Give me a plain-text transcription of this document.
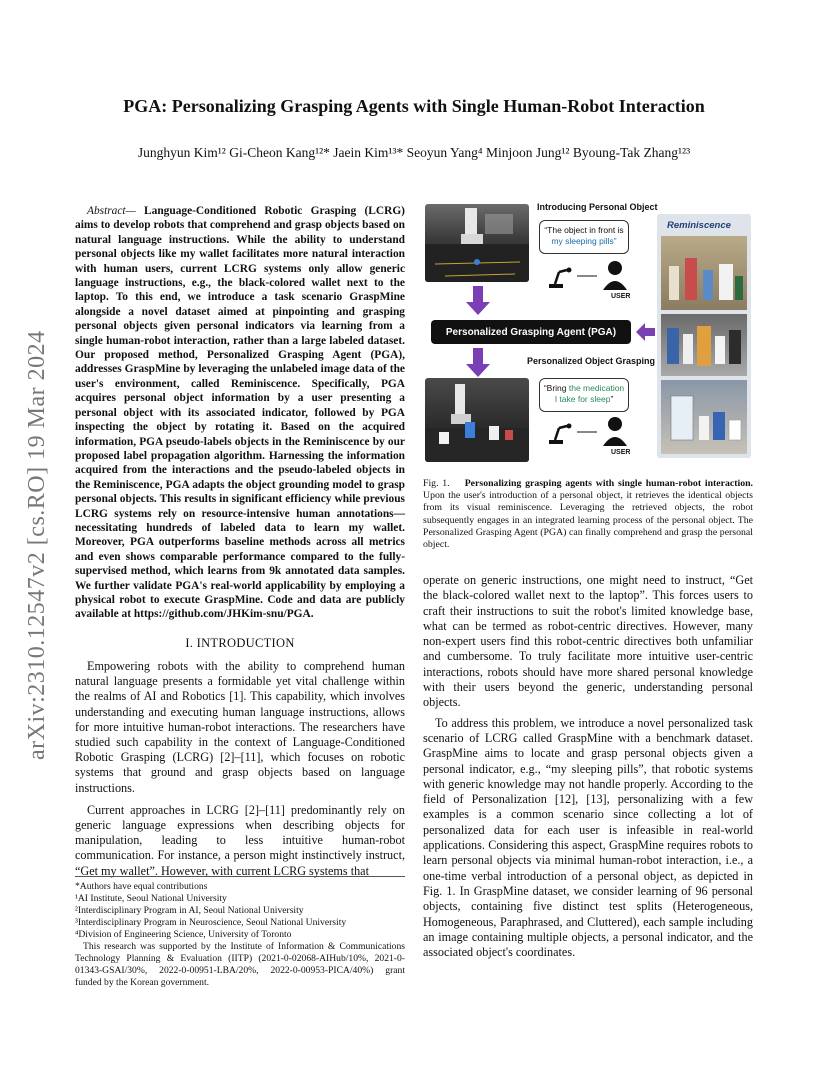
arXiv:2310.12547v2 [cs.RO] 19 Mar 2024
PGA: Personalizing Grasping Agents with Single Human-Robot Interaction
Junghyun Kim¹² Gi-Cheon Kang¹²* Jaein Kim¹³* Seoyun Yang⁴ Minjoon Jung¹² Byoung-Tak Zhang¹²³

Abstract— Language-Conditioned Robotic Grasping (LCRG) aims to develop robots that comprehend and grasp objects based on natural language instructions. While the ability to understand personal objects like my wallet facilitates more natural interaction with human users, current LCRG systems only allow generic language instructions, e.g., the black-colored wallet next to the laptop. To this end, we introduce a task scenario GraspMine alongside a novel dataset aimed at pinpointing and grasping personal objects given personal indicators via learning from a single human-robot interaction, rather than a large labeled dataset. Our proposed method, Personalized Grasping Agent (PGA), addresses GraspMine by leveraging the unlabeled image data of the user's environment, called Reminiscence. Specifically, PGA acquires personal object information by a user presenting a personal object with its associated indicator, followed by PGA inspecting the object by rotating it. Based on the acquired information, PGA pseudo-labels objects in the Reminiscence by our proposed label propagation algorithm. Harnessing the information acquired from the interactions and the pseudo-labeled objects in the Reminiscence, PGA adapts the object grounding model to grasp personal objects. This results in significant efficiency while previous LCRG systems rely on resource-intensive human annotations—necessitating hundreds of labeled data to learn my wallet. Moreover, PGA outperforms baseline methods across all metrics and even shows comparable performance compared to the fully-supervised method, which learns from 9k annotated data samples. We further validate PGA's real-world applicability by employing a physical robot to execute GraspMine. Code and data are publicly available at https://github.com/JHKim-snu/PGA.

I. INTRODUCTION

Empowering robots with the ability to comprehend human natural language presents a formidable yet vital challenge within the realms of AI and Robotics [1]. This capability, which involves understanding and executing human language instructions, allows for more intuitive human-robot interactions. The researchers have studied such capability in the context of Language-Conditioned Robotic Grasping (LCRG) [2]–[11], which focuses on robotic systems that ground and grasp objects based on language instructions.

Current approaches in LCRG [2]–[11] predominantly rely on generic language expressions when describing objects for manipulation, leading to less intuitive human-robot communication. For instance, a person might instinctively instruct, “Get my wallet”. However, with current LCRG systems that

*Authors have equal contributions
¹AI Institute, Seoul National University
²Interdisciplinary Program in AI, Seoul National University
³Interdisciplinary Program in Neuroscience, Seoul National University
⁴Division of Engineering Science, University of Toronto
This research was supported by the Institute of Information & Communications Technology Planning & Evaluation (IITP) (2021-0-02068-AIHub/10%, 2021-0-01343-GSAI/30%, 2022-0-00951-LBA/20%, 2022-0-00953-PICA/40%) grant funded by the Korean government.
Introducing Personal Object
“The object in front is
my sleeping pills”
USER
Reminiscence
Personalized Grasping Agent (PGA)
Personalized Object Grasping
“Bring the medication
I take for sleep”
USER
Fig. 1. Personalizing grasping agents with single human-robot interaction. Upon the user's introduction of a personal object, it retrieves the identical objects from its visual reminiscence. Leveraging the retrieved objects, the robot subsequently engages in an integrated learning process of the personal object. The Personalized Grasping Agent (PGA) can finally comprehend and grasp the personal object.

operate on generic instructions, one might need to instruct, “Get the black-colored wallet next to the laptop”. This forces users to craft their instructions to suit the robot's limited knowledge base, what can be termed as robot-centric directives. However, many non-expert users find this robot-centric directives both unfamiliar and cumbersome. To truly facilitate more intuitive user-centric interactions, robots should have more shared personal knowledge with their users beyond the generic, understanding personal objects.

To address this problem, we introduce a novel personalized task scenario of LCRG called GraspMine with a benchmark dataset. GraspMine aims to locate and grasp personal objects given a personal indicator, e.g., “my sleeping pills”, that robotic systems with generic knowledge may not handle properly. According to the field of Personalization [12], [13], personalizing with a few examples is a common scenario since collecting a lot of personalized data for each user is infeasible in real-world applications. Considering this aspect, GraspMine requires robots to learn personal objects via minimal human-robot interaction, i.e., a one-time verbal introduction of a personal object, as depicted in Fig. 1. In GraspMine dataset, we consider learning of 96 personal objects, containing five distinct test splits (Heterogeneous, Homogeneous, Paraphrased, and Cluttered), each sample including an image containing multiple objects, a personal indicator, and the associated object's coordinates.
